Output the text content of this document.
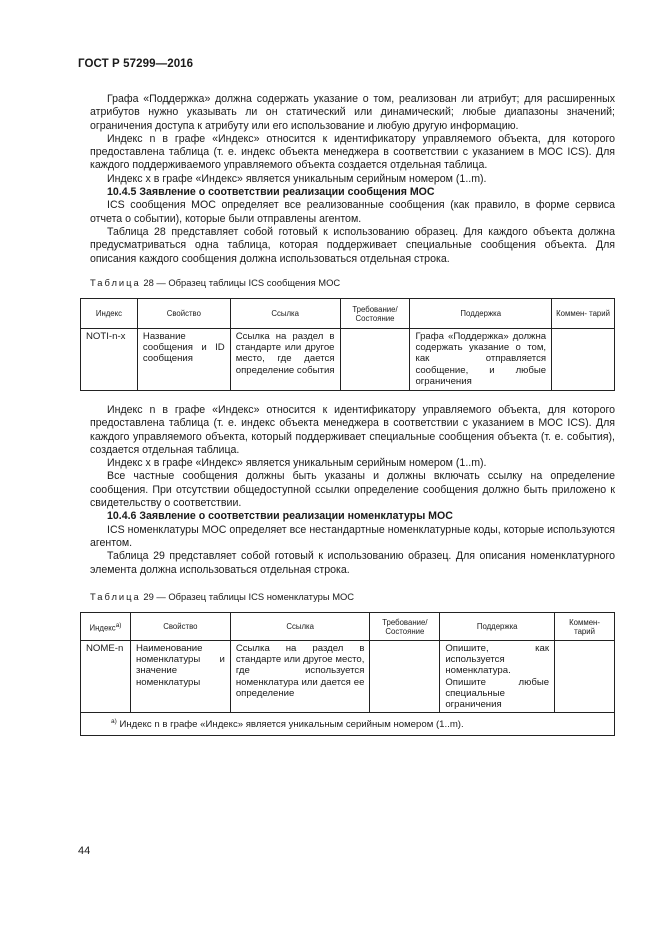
ГОСТ Р 57299—2016

Графа «Поддержка» должна содержать указание о том, реализован ли атрибут; для расширенных атрибутов нужно указывать ли он статический или динамический; любые диапазоны значений; ограничения доступа к атрибуту или его использование и любую другую информацию.

Индекс n в графе «Индекс» относится к идентификатору управляемого объекта, для которого предоставлена таблица (т. е. индекс объекта менеджера в соответствии с указанием в МОС ICS). Для каждого поддерживаемого управляемого объекта создается отдельная таблица.

Индекс x в графе «Индекс» является уникальным серийным номером (1..m).

10.4.5 Заявление о соответствии реализации сообщения МОС

ICS сообщения МОС определяет все реализованные сообщения (как правило, в форме сервиса отчета о событии), которые были отправлены агентом.

Таблица 28 представляет собой готовый к использованию образец. Для каждого объекта должна предусматриваться одна таблица, которая поддерживает специальные сообщения объекта. Для описания каждого сообщения должна использоваться отдельная строка.

Таблица 28 — Образец таблицы ICS сообщения МОС
Индекс	Свойство	Ссылка	Требование/ Состояние	Поддержка	Коммен- тарий
NOTI-n-x	Название сообщения и ID сообщения	Ссылка на раздел в стандарте или другое место, где дается определение события		Графа «Поддержка» должна содержать указание о том, как отправляется сообщение, и любые ограничения	

Индекс n в графе «Индекс» относится к идентификатору управляемого объекта, для которого предоставлена таблица (т. е. индекс объекта менеджера в соответствии с указанием в МОС ICS). Для каждого управляемого объекта, который поддерживает специальные сообщения объекта (т. е. события), создается отдельная таблица.

Индекс x в графе «Индекс» является уникальным серийным номером (1..m).

Все частные сообщения должны быть указаны и должны включать ссылку на определение сообщения. При отсутствии общедоступной ссылки определение сообщения должно быть приложено к свидетельству о соответствии.

10.4.6 Заявление о соответствии реализации номенклатуры МОС

ICS номенклатуры МОС определяет все нестандартные номенклатурные коды, которые используются агентом.

Таблица 29 представляет собой готовый к использованию образец. Для описания номенклатурного элемента должна использоваться отдельная строка.

Таблица 29 — Образец таблицы ICS номенклатуры МОС
Индекс$^{а)}$	Свойство	Ссылка	Требование/ Состояние	Поддержка	Коммен- тарий
NOME-n	Наименование номенклатуры и значение номенклатуры	Ссылка на раздел в стандарте или другое место, где используется номенклатура или дается ее определение		Опишите, как используется номенклатура. Опишите любые специальные ограничения	
$^{а)}$ Индекс n в графе «Индекс» является уникальным серийным номером (1..m).					
44
